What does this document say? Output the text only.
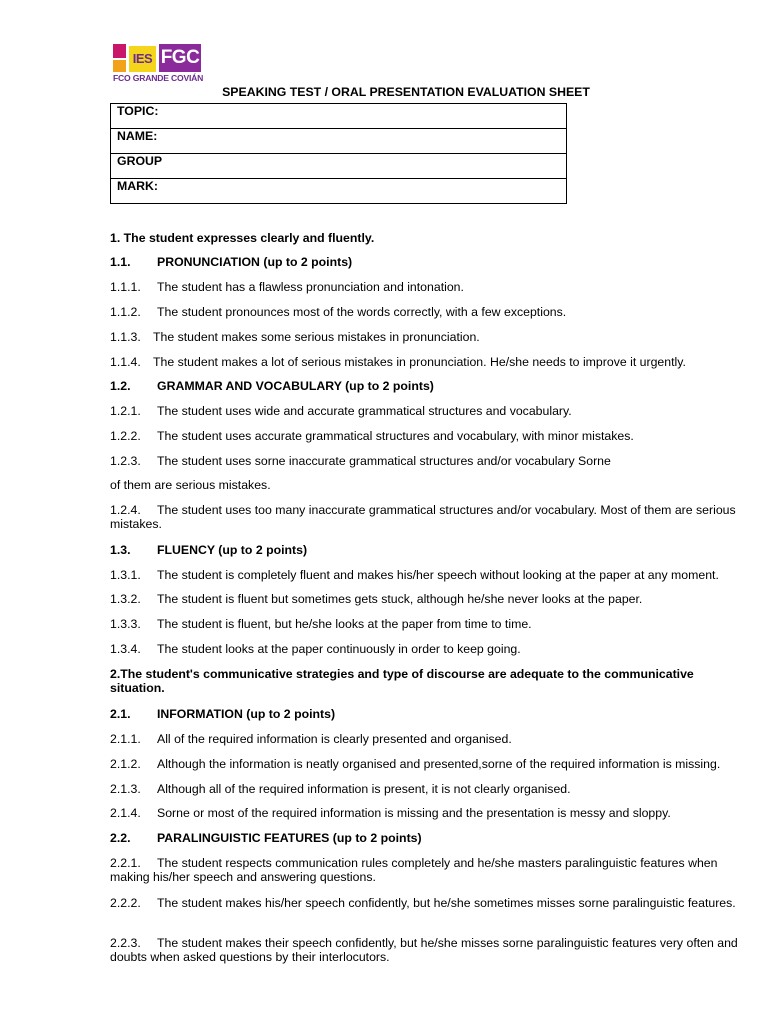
IES FGC
FCO GRANDE COVIÁN
SPEAKING TEST / ORAL PRESENTATION EVALUATION SHEET
TOPIC:
NAME:
GROUP
MARK:
1. The student expresses clearly and fluently.
1.1. PRONUNCIATION (up to 2 points)
1.1.1. The student has a flawless pronunciation and intonation.
1.1.2. The student pronounces most of the words correctly, with a few exceptions.
1.1.3. The student makes some serious mistakes in pronunciation.
1.1.4. The student makes a lot of serious mistakes in pronunciation. He/she needs to improve it urgently.
1.2. GRAMMAR AND VOCABULARY (up to 2 points)
1.2.1. The student uses wide and accurate grammatical structures and vocabulary.
1.2.2. The student uses accurate grammatical structures and vocabulary, with minor mistakes.
1.2.3. The student uses sorne inaccurate grammatical structures and/or vocabulary Sorne
of them are serious mistakes.
1.2.4. The student uses too many inaccurate grammatical structures and/or vocabulary. Most of them are serious mistakes.
1.3. FLUENCY (up to 2 points)
1.3.1. The student is completely fluent and makes his/her speech without looking at the paper at any moment.
1.3.2. The student is fluent but sometimes gets stuck, although he/she never looks at the paper.
1.3.3. The student is fluent, but he/she looks at the paper from time to time.
1.3.4. The student looks at the paper continuously in order to keep going.
2.The student's communicative strategies and type of discourse are adequate to the communicative situation.
2.1. INFORMATION (up to 2 points)
2.1.1. All of the required information is clearly presented and organised.
2.1.2. Although the information is neatly organised and presented,sorne of the required information is missing.
2.1.3. Although all of the required information is present, it is not clearly organised.
2.1.4. Sorne or most of the required information is missing and the presentation is messy and sloppy.
2.2. PARALINGUISTIC FEATURES (up to 2 points)
2.2.1. The student respects communication rules completely and he/she masters paralinguistic features when making his/her speech and answering questions.
2.2.2. The student makes his/her speech confidently, but he/she sometimes misses sorne paralinguistic features.
2.2.3. The student makes their speech confidently, but he/she misses sorne paralinguistic features very often and doubts when asked questions by their interlocutors.
